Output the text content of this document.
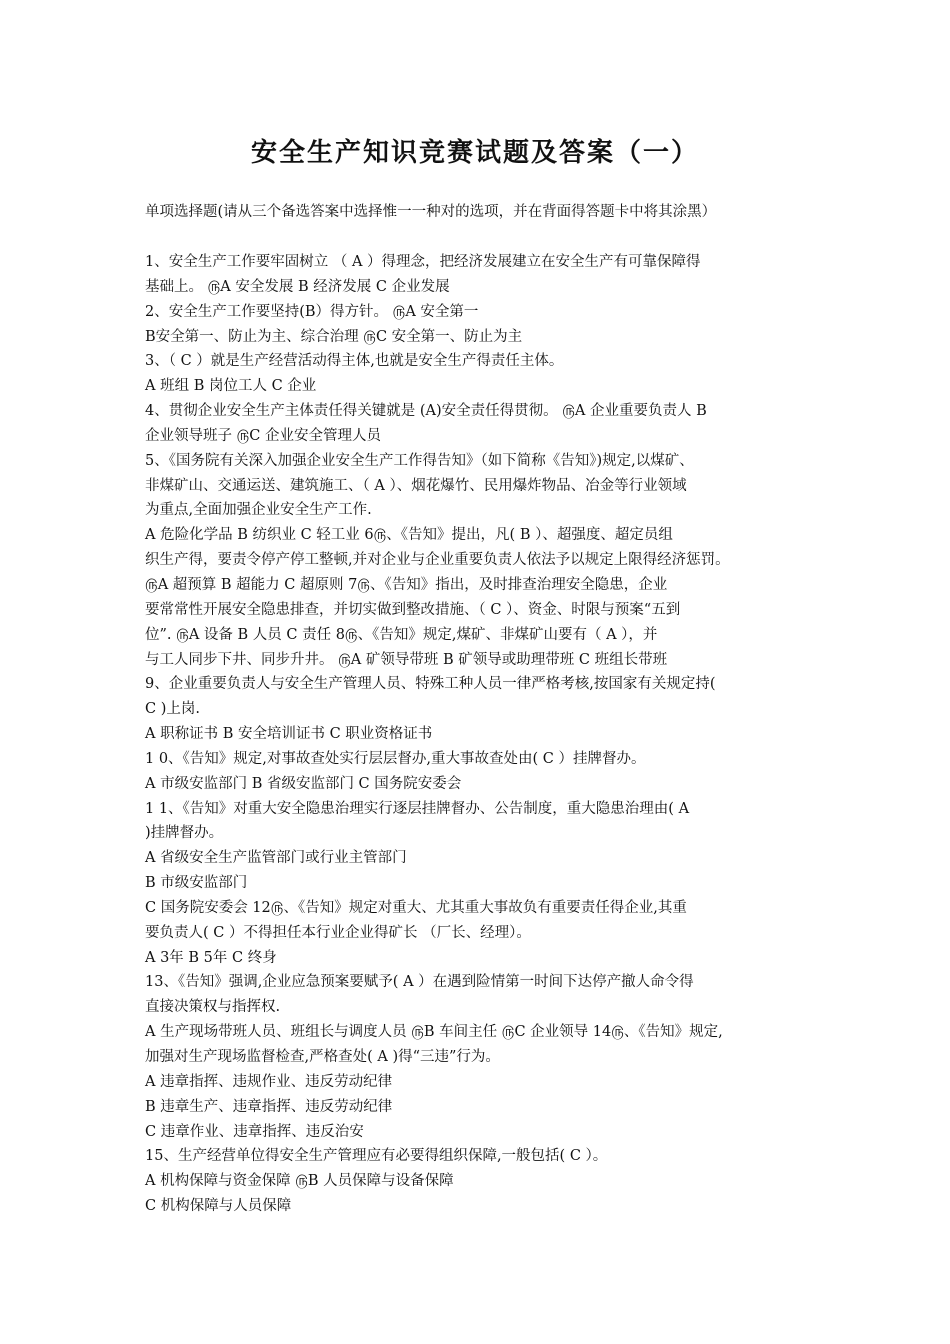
安全生产知识竞赛试题及答案（一）
单项选择题(请从三个备选答案中选择惟一一种对的选项，并在背面得答题卡中将其涂黑）
1、安全生产工作要牢固树立 （ A ）得理念，把经济发展建立在安全生产有可靠保障得
基础上。 ௫A 安全发展 B 经济发展 C 企业发展
2、安全生产工作要坚持(B）得方针。 ௫A 安全第一
B安全第一、防止为主、综合治理 ௫C 安全第一、防止为主
3、（ C ）就是生产经营活动得主体,也就是安全生产得责任主体。
A 班组 B 岗位工人 C 企业
4、贯彻企业安全生产主体责任得关键就是 (A)安全责任得贯彻。 ௫A 企业重要负责人 B
企业领导班子 ௫C 企业安全管理人员
5、《国务院有关深入加强企业安全生产工作得告知》（如下简称《告知》)规定,以煤矿、
非煤矿山、交通运送、建筑施工、（ A ）、烟花爆竹、民用爆炸物品、冶金等行业领域
为重点,全面加强企业安全生产工作.
A 危险化学品 B 纺织业 C 轻工业 6௫、《告知》提出，凡( B ）、超强度、超定员组
织生产得，要责令停产停工整顿,并对企业与企业重要负责人依法予以规定上限得经济惩罚。
௫A 超预算 B 超能力 C 超原则 7௫、《告知》指出，及时排查治理安全隐患，企业
要常常性开展安全隐患排查，并切实做到整改措施、（ C ）、资金、时限与预案“五到
位”. ௫A 设备 B 人员 C 责任 8௫、《告知》规定,煤矿、非煤矿山要有（ A ），并
与工人同步下井、同步升井。 ௫A 矿领导带班 B 矿领导或助理带班 C 班组长带班
9、企业重要负责人与安全生产管理人员、特殊工种人员一律严格考核,按国家有关规定持(
C )上岗.
A 职称证书 B 安全培训证书 C 职业资格证书
1 0、《告知》规定,对事故查处实行层层督办,重大事故查处由( C ）挂牌督办。
A 市级安监部门 B 省级安监部门 C 国务院安委会
1 1、《告知》对重大安全隐患治理实行逐层挂牌督办、公告制度，重大隐患治理由( A
)挂牌督办。
A 省级安全生产监管部门或行业主管部门
B 市级安监部门
C 国务院安委会 12௫、《告知》规定对重大、尤其重大事故负有重要责任得企业,其重
要负责人( C ）不得担任本行业企业得矿长 （厂长、经理）。
A 3年 B 5年 C 终身
13、《告知》强调,企业应急预案要赋予( A ）在遇到险情第一时间下达停产撤人命令得
直接决策权与指挥权.
A 生产现场带班人员、班组长与调度人员 ௫B 车间主任 ௫C 企业领导 14௫、《告知》规定,
加强对生产现场监督检查,严格查处( A )得“三违”行为。
A 违章指挥、违规作业、违反劳动纪律
B 违章生产、违章指挥、违反劳动纪律
C 违章作业、违章指挥、违反治安
15、生产经营单位得安全生产管理应有必要得组织保障,一般包括( C ）。
A 机构保障与资金保障 ௫B 人员保障与设备保障
C 机构保障与人员保障
